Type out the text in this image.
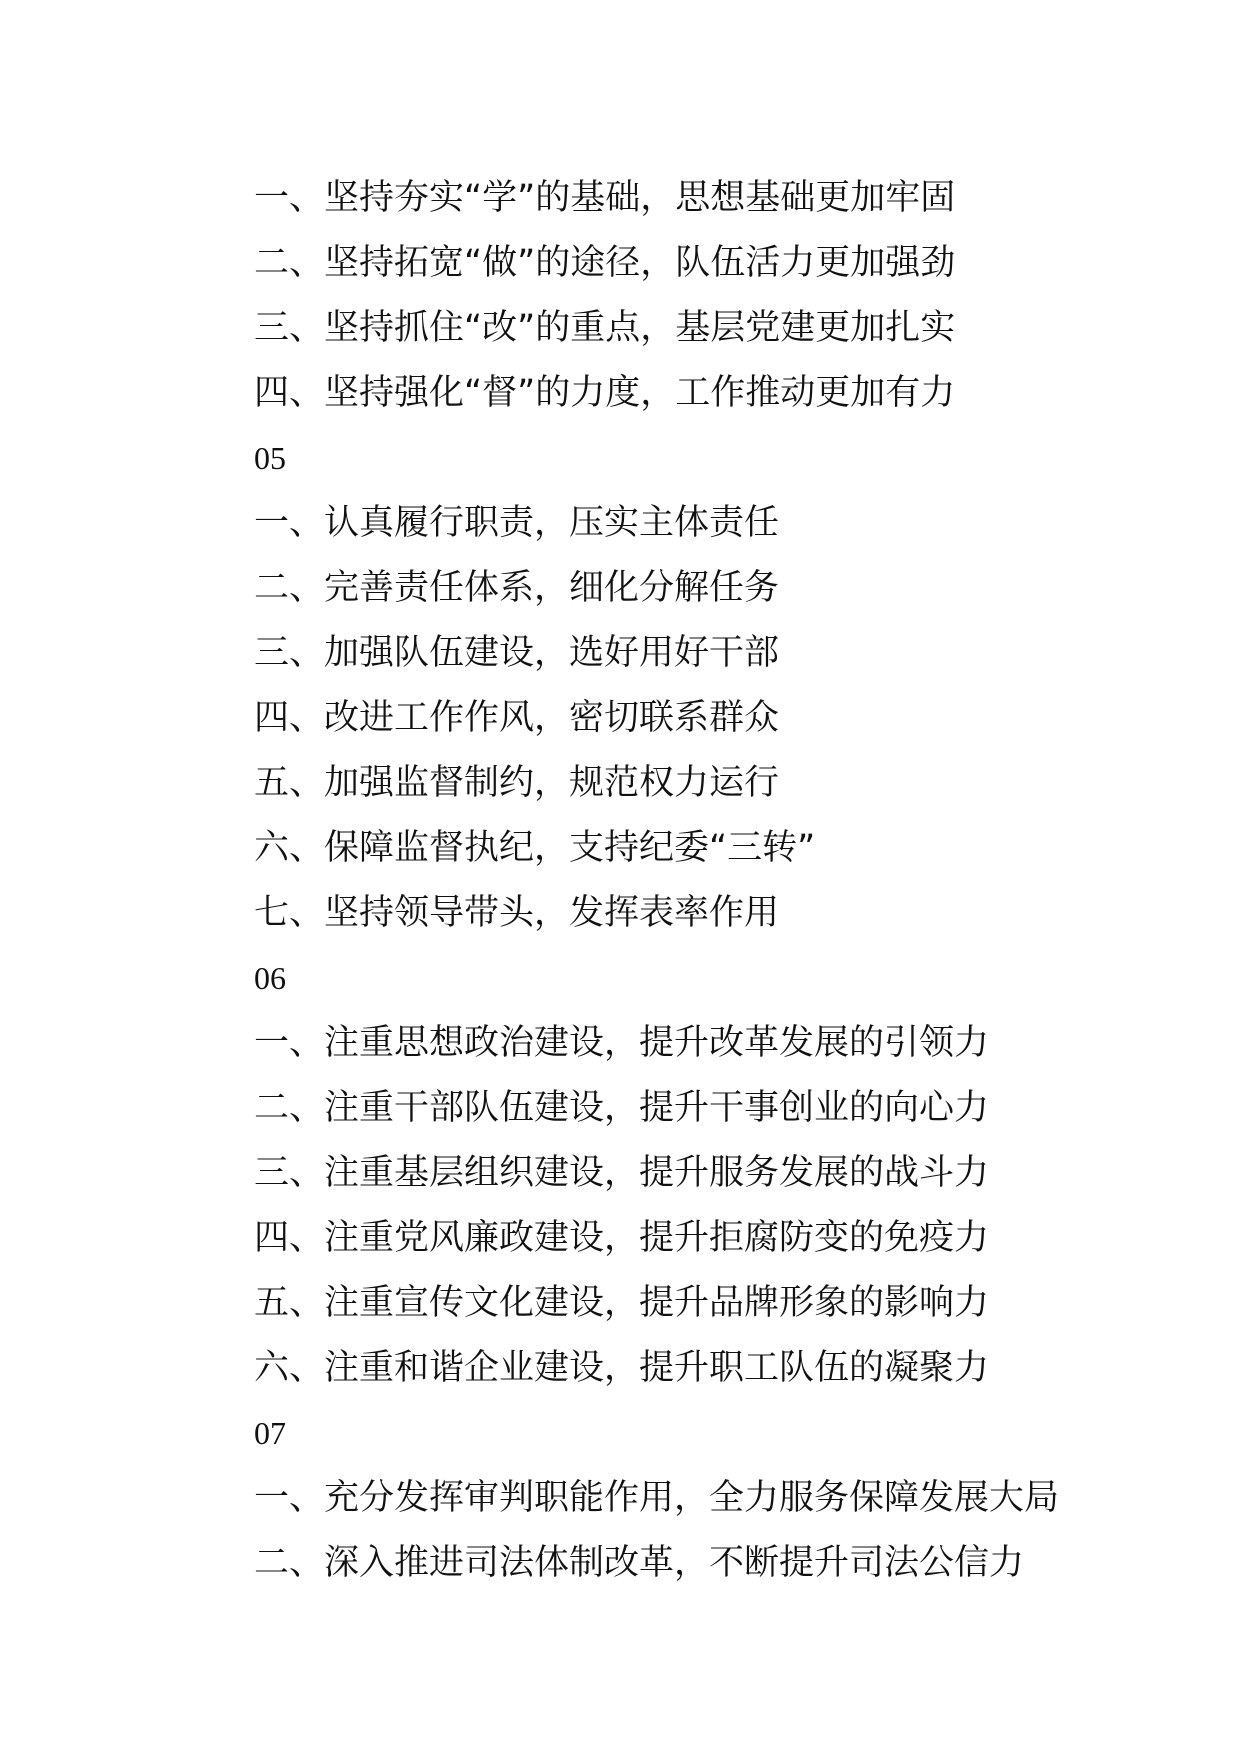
一、坚持夯实“学”的基础，思想基础更加牢固
二、坚持拓宽“做”的途径，队伍活力更加强劲
三、坚持抓住“改”的重点，基层党建更加扎实
四、坚持强化“督”的力度，工作推动更加有力
05
一、认真履行职责，压实主体责任
二、完善责任体系，细化分解任务
三、加强队伍建设，选好用好干部
四、改进工作作风，密切联系群众
五、加强监督制约，规范权力运行
六、保障监督执纪，支持纪委“三转”
七、坚持领导带头，发挥表率作用
06
一、注重思想政治建设，提升改革发展的引领力
二、注重干部队伍建设，提升干事创业的向心力
三、注重基层组织建设，提升服务发展的战斗力
四、注重党风廉政建设，提升拒腐防变的免疫力
五、注重宣传文化建设，提升品牌形象的影响力
六、注重和谐企业建设，提升职工队伍的凝聚力
07
一、充分发挥审判职能作用，全力服务保障发展大局
二、深入推进司法体制改革，不断提升司法公信力
